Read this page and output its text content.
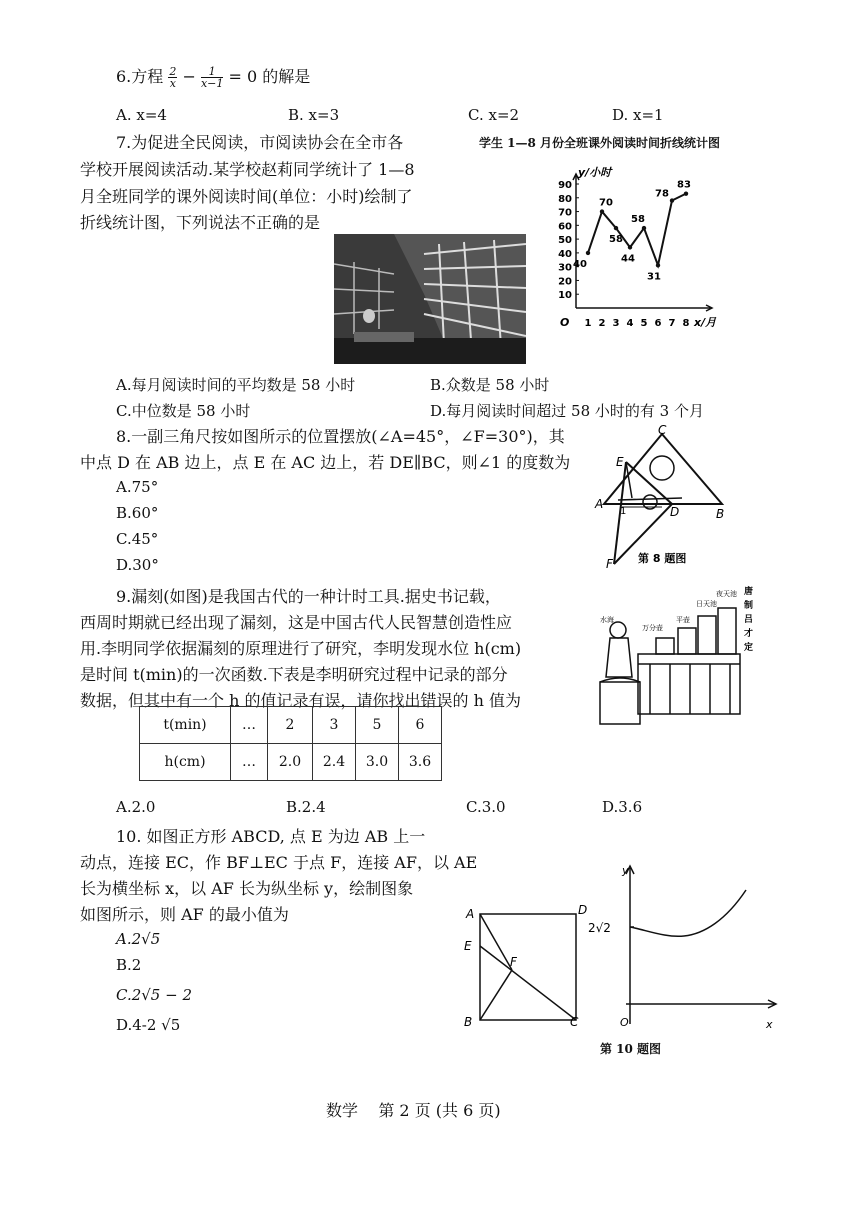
6.方程 $\frac{2}{x} - \frac{1}{x-1} = 0$ 的解是
A. x=4	B. x=3	C. x=2	D. x=1
7.为促进全民阅读，市阅读协会在全市各
学校开展阅读活动.某学校赵莉同学统计了 1—8
月全班同学的课外阅读时间(单位：小时)绘制了
折线统计图，下列说法不正确的是
学生 1—8 月份全班课外阅读时间折线统计图
y/小时
x/月
O
10
20
30
40
50
60
70
80
90
1 2 3 4 5 6 7 8
40
70
58
44
58
31
78
83
A.每月阅读时间的平均数是 58 小时	B.众数是 58 小时
C.中位数是 58 小时	D.每月阅读时间超过 58 小时的有 3 个月
8.一副三角尺按如图所示的位置摆放(∠A=45°，∠F=30°)，其
中点 D 在 AB 边上，点 E 在 AC 边上，若 DE∥BC，则∠1 的度数为
A.75°
B.60°
C.45°
D.30°
C
E
A
1	D	B
F 第 8 题图
9.漏刻(如图)是我国古代的一种计时工具.据史书记载，
西周时期就已经出现了漏刻，这是中国古代人民智慧创造性应
用.李明同学依据漏刻的原理进行了研究，李明发现水位 h(cm)
是时间 t(min)的一次函数.下表是李明研究过程中记录的部分
数据，但其中有一个 h 的值记录有误，请你找出错误的 h 值为
水海
万分壶
平壶
日天池
夜天池 唐
制
吕
才
定
t(min)	…	2	3	5	6
h(cm)	…	2.0	2.4	3.0	3.6
A.2.0	B.2.4	C.3.0	D.3.6
10. 如图正方形 ABCD, 点 E 为边 AB 上一
动点，连接 EC，作 BF⊥EC 于点 F，连接 AF，以 AE
长为横坐标 x，以 AF 长为纵坐标 y，绘制图象
如图所示，则 AF 的最小值为
A.2√5
B.2
C.2√5 − 2
D.4-2 √5
A	D
E
F
B	C
y
x
O
2√2
第 10 题图
数学    第 2 页 (共 6 页)
